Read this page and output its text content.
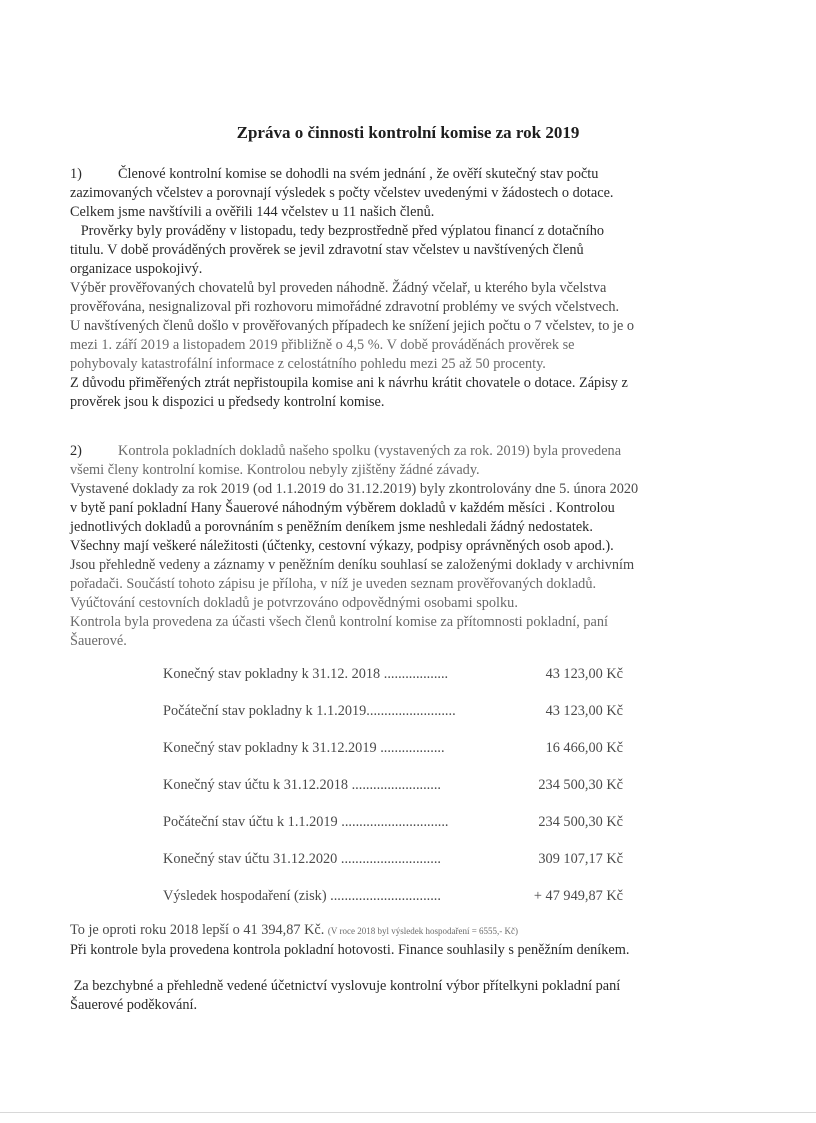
Zpráva o činnosti kontrolní komise za rok 2019
1)	Členové kontrolní komise se dohodli na svém jednání , že ověří skutečný stav počtu
zazimovaných včelstev a porovnají výsledek s počty včelstev uvedenými v žádostech o dotace.
Celkem jsme navštívili a ověřili 144 včelstev u 11 našich členů.
Prověrky byly prováděny v listopadu, tedy bezprostředně před výplatou financí z dotačního
titulu. V době prováděných prověrek se jevil zdravotní stav včelstev u navštívených členů
organizace uspokojivý.
Výběr prověřovaných chovatelů byl proveden náhodně. Žádný včelař, u kterého byla včelstva
prověřována, nesignalizoval při rozhovoru mimořádné zdravotní problémy ve svých včelstvech.
U navštívených členů došlo v prověřovaných případech ke snížení jejich počtu o 7 včelstev, to je o
mezi 1. září 2019 a listopadem 2019 přibližně o 4,5 %. V době prováděnách prověrek se
pohybovaly katastrofální informace z celostátního pohledu mezi 25 až 50 procenty.
Z důvodu přiměřených ztrát nepřistoupila komise ani k návrhu krátit chovatele o dotace. Zápisy z
prověrek jsou k dispozici u předsedy kontrolní komise.
2)	Kontrola pokladních dokladů našeho spolku (vystavených za rok. 2019) byla provedena
všemi členy kontrolní komise. Kontrolou nebyly zjištěny žádné závady.
Vystavené doklady za rok 2019 (od 1.1.2019 do 31.12.2019) byly zkontrolovány dne 5. února 2020
v bytě paní pokladní Hany Šauerové náhodným výběrem dokladů v každém měsíci . Kontrolou
jednotlivých dokladů a porovnáním s peněžním deníkem jsme neshledali žádný nedostatek.
Všechny mají veškeré náležitosti (účtenky, cestovní výkazy, podpisy oprávněných osob apod.).
Jsou přehledně vedeny a záznamy v peněžním deníku souhlasí se založenými doklady v archivním
pořadači. Součástí tohoto zápisu je příloha, v níž je uveden seznam prověřovaných dokladů.
Vyúčtování cestovních dokladů je potvrzováno odpovědnými osobami spolku.
Kontrola byla provedena za účasti všech členů kontrolní komise za přítomnosti pokladní, paní
Šauerové.
Konečný stav pokladny k 31.12. 2018 ..................	43 123,00 Kč
Počáteční stav pokladny k 1.1.2019.........................	43 123,00 Kč
Konečný stav pokladny k 31.12.2019 ..................	16 466,00 Kč
Konečný stav účtu k 31.12.2018 .........................	234 500,30 Kč
Počáteční stav účtu k 1.1.2019 ..............................	234 500,30 Kč
Konečný stav účtu 31.12.2020 ............................	309 107,17 Kč
Výsledek hospodaření (zisk) ...............................	+ 47 949,87 Kč
To je oproti roku 2018 lepší o 41 394,87 Kč. (V roce 2018 byl výsledek hospodaření = 6555,- Kč)
Při kontrole byla provedena kontrola pokladní hotovosti. Finance souhlasily s peněžním deníkem.
Za bezchybné a přehledně vedené účetnictví vyslovuje kontrolní výbor přítelkyni pokladní paní
Šauerové poděkování.
